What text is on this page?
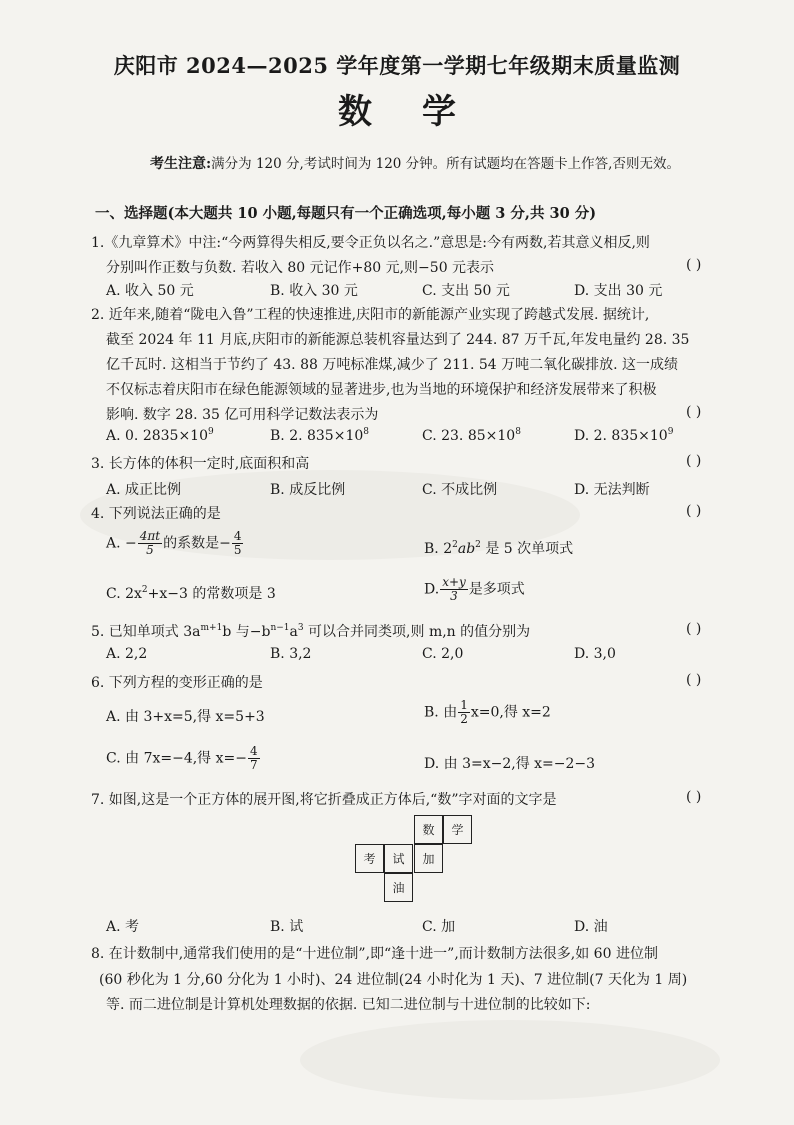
庆阳市 2024—2025 学年度第一学期七年级期末质量监测
数学
考生注意:满分为 120 分,考试时间为 120 分钟。所有试题均在答题卡上作答,否则无效。
一、选择题(本大题共 10 小题,每题只有一个正确选项,每小题 3 分,共 30 分)
1.《九章算术》中注:“今两算得失相反,要令正负以名之.”意思是:今有两数,若其意义相反,则
分别叫作正数与负数. 若收入 80 元记作+80 元,则−50 元表示	( )
A. 收入 50 元	B. 收入 30 元	C. 支出 50 元	D. 支出 30 元
2. 近年来,随着“陇电入鲁”工程的快速推进,庆阳市的新能源产业实现了跨越式发展. 据统计,
截至 2024 年 11 月底,庆阳市的新能源总装机容量达到了 244. 87 万千瓦,年发电量约 28. 35
亿千瓦时. 这相当于节约了 43. 88 万吨标准煤,减少了 211. 54 万吨二氧化碳排放. 这一成绩
不仅标志着庆阳市在绿色能源领域的显著进步,也为当地的环境保护和经济发展带来了积极
影响. 数字 28. 35 亿可用科学记数法表示为	( )
A. 0. $2835\times 10^9$	B. 2. $835\times 10^8$	C. 23. $85\times 10^8$	D. 2. $835\times 10^9$
3. 长方体的体积一定时,底面积和高	( )
A. 成正比例	B. 成反比例	C. 不成比例	D. 无法判断
4. 下列说法正确的是	( )
A. − $\frac{4\pi t}{5}$ 的系数是− $\frac{4}{5}$	B. $2^2ab^2$ 是 5 次单项式
C. $2x^2+x-3$ 的常数项是 3	D. $\frac{x+y}{3}$ 是多项式
5. 已知单项式 $3a^{m+1}b$ 与$-b^{n-1}a^3$ 可以合并同类项,则 m,n 的值分别为	( )
A. 2,2	B. 3,2	C. 2,0	D. 3,0
6. 下列方程的变形正确的是	( )
A. 由 3+x=5,得 x=5+3	B. 由 $\frac{1}{2} x=0$,得 x=2
C. 由 7x=−4,得 $x=- \frac{4}{7}$	D. 由 3=x−2,得 x=−2−3
7. 如图,这是一个正方体的展开图,将它折叠成正方体后,“数”字对面的文字是	( )
数	学
考	试	加
油
A. 考	B. 试	C. 加	D. 油
8. 在计数制中,通常我们使用的是“十进位制”,即“逢十进一”,而计数制方法很多,如 60 进位制
(60 秒化为 1 分,60 分化为 1 小时)、24 进位制(24 小时化为 1 天)、7 进位制(7 天化为 1 周)
等. 而二进位制是计算机处理数据的依据. 已知二进位制与十进位制的比较如下:
